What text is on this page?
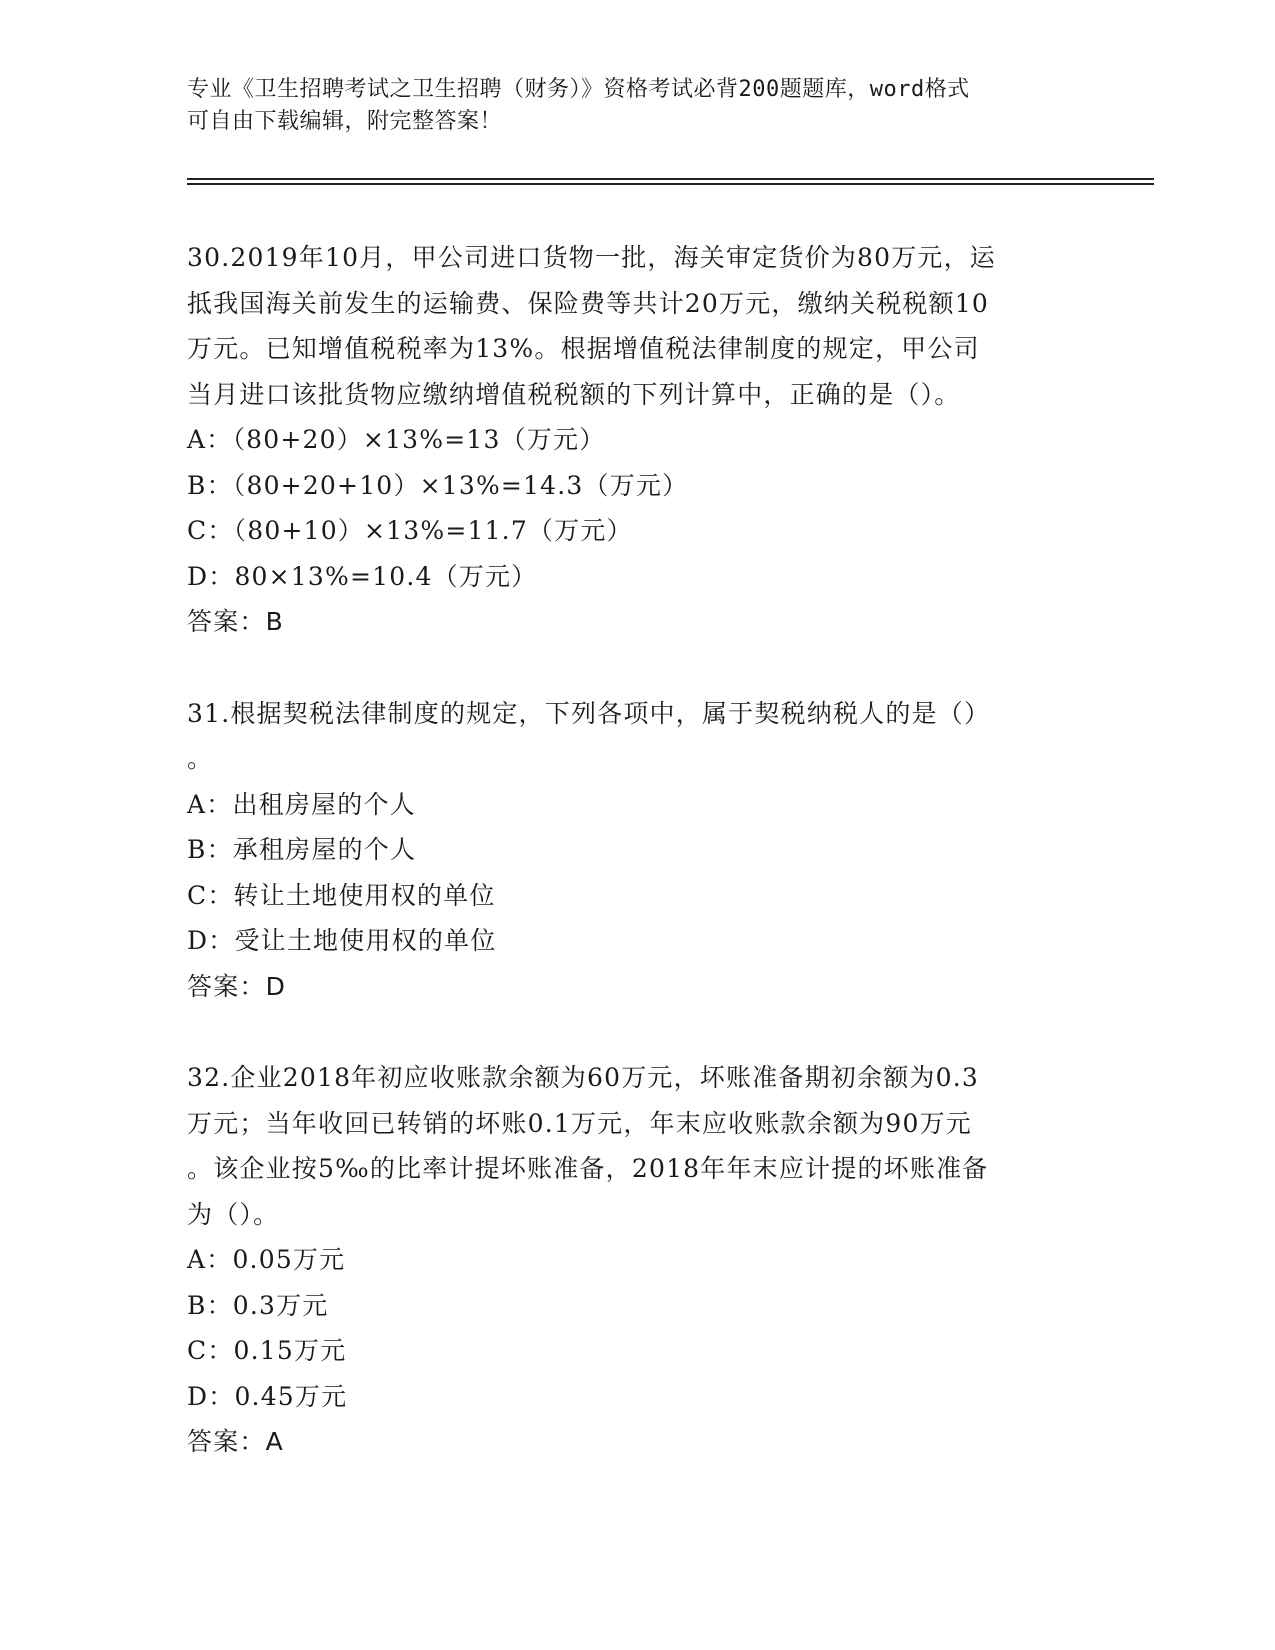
专业《卫生招聘考试之卫生招聘（财务）》资格考试必背200题题库，word格式

可自由下载编辑，附完整答案！

30.2019年10月，甲公司进口货物一批，海关审定货价为80万元，运

抵我国海关前发生的运输费、保险费等共计20万元，缴纳关税税额10

万元。已知增值税税率为13%。根据增值税法律制度的规定，甲公司

当月进口该批货物应缴纳增值税税额的下列计算中，正确的是（）。

A：（80+20）×13%=13（万元）

B：（80+20+10）×13%=14.3（万元）

C：（80+10）×13%=11.7（万元）

D：80×13%=10.4（万元）

答案：B

31.根据契税法律制度的规定，下列各项中，属于契税纳税人的是（）

。

A：出租房屋的个人

B：承租房屋的个人

C：转让土地使用权的单位

D：受让土地使用权的单位

答案：D

32.企业2018年初应收账款余额为60万元，坏账准备期初余额为0.3

万元；当年收回已转销的坏账0.1万元，年末应收账款余额为90万元

。该企业按5‰的比率计提坏账准备，2018年年末应计提的坏账准备

为（）。

A：0.05万元

B：0.3万元

C：0.15万元

D：0.45万元

答案：A
